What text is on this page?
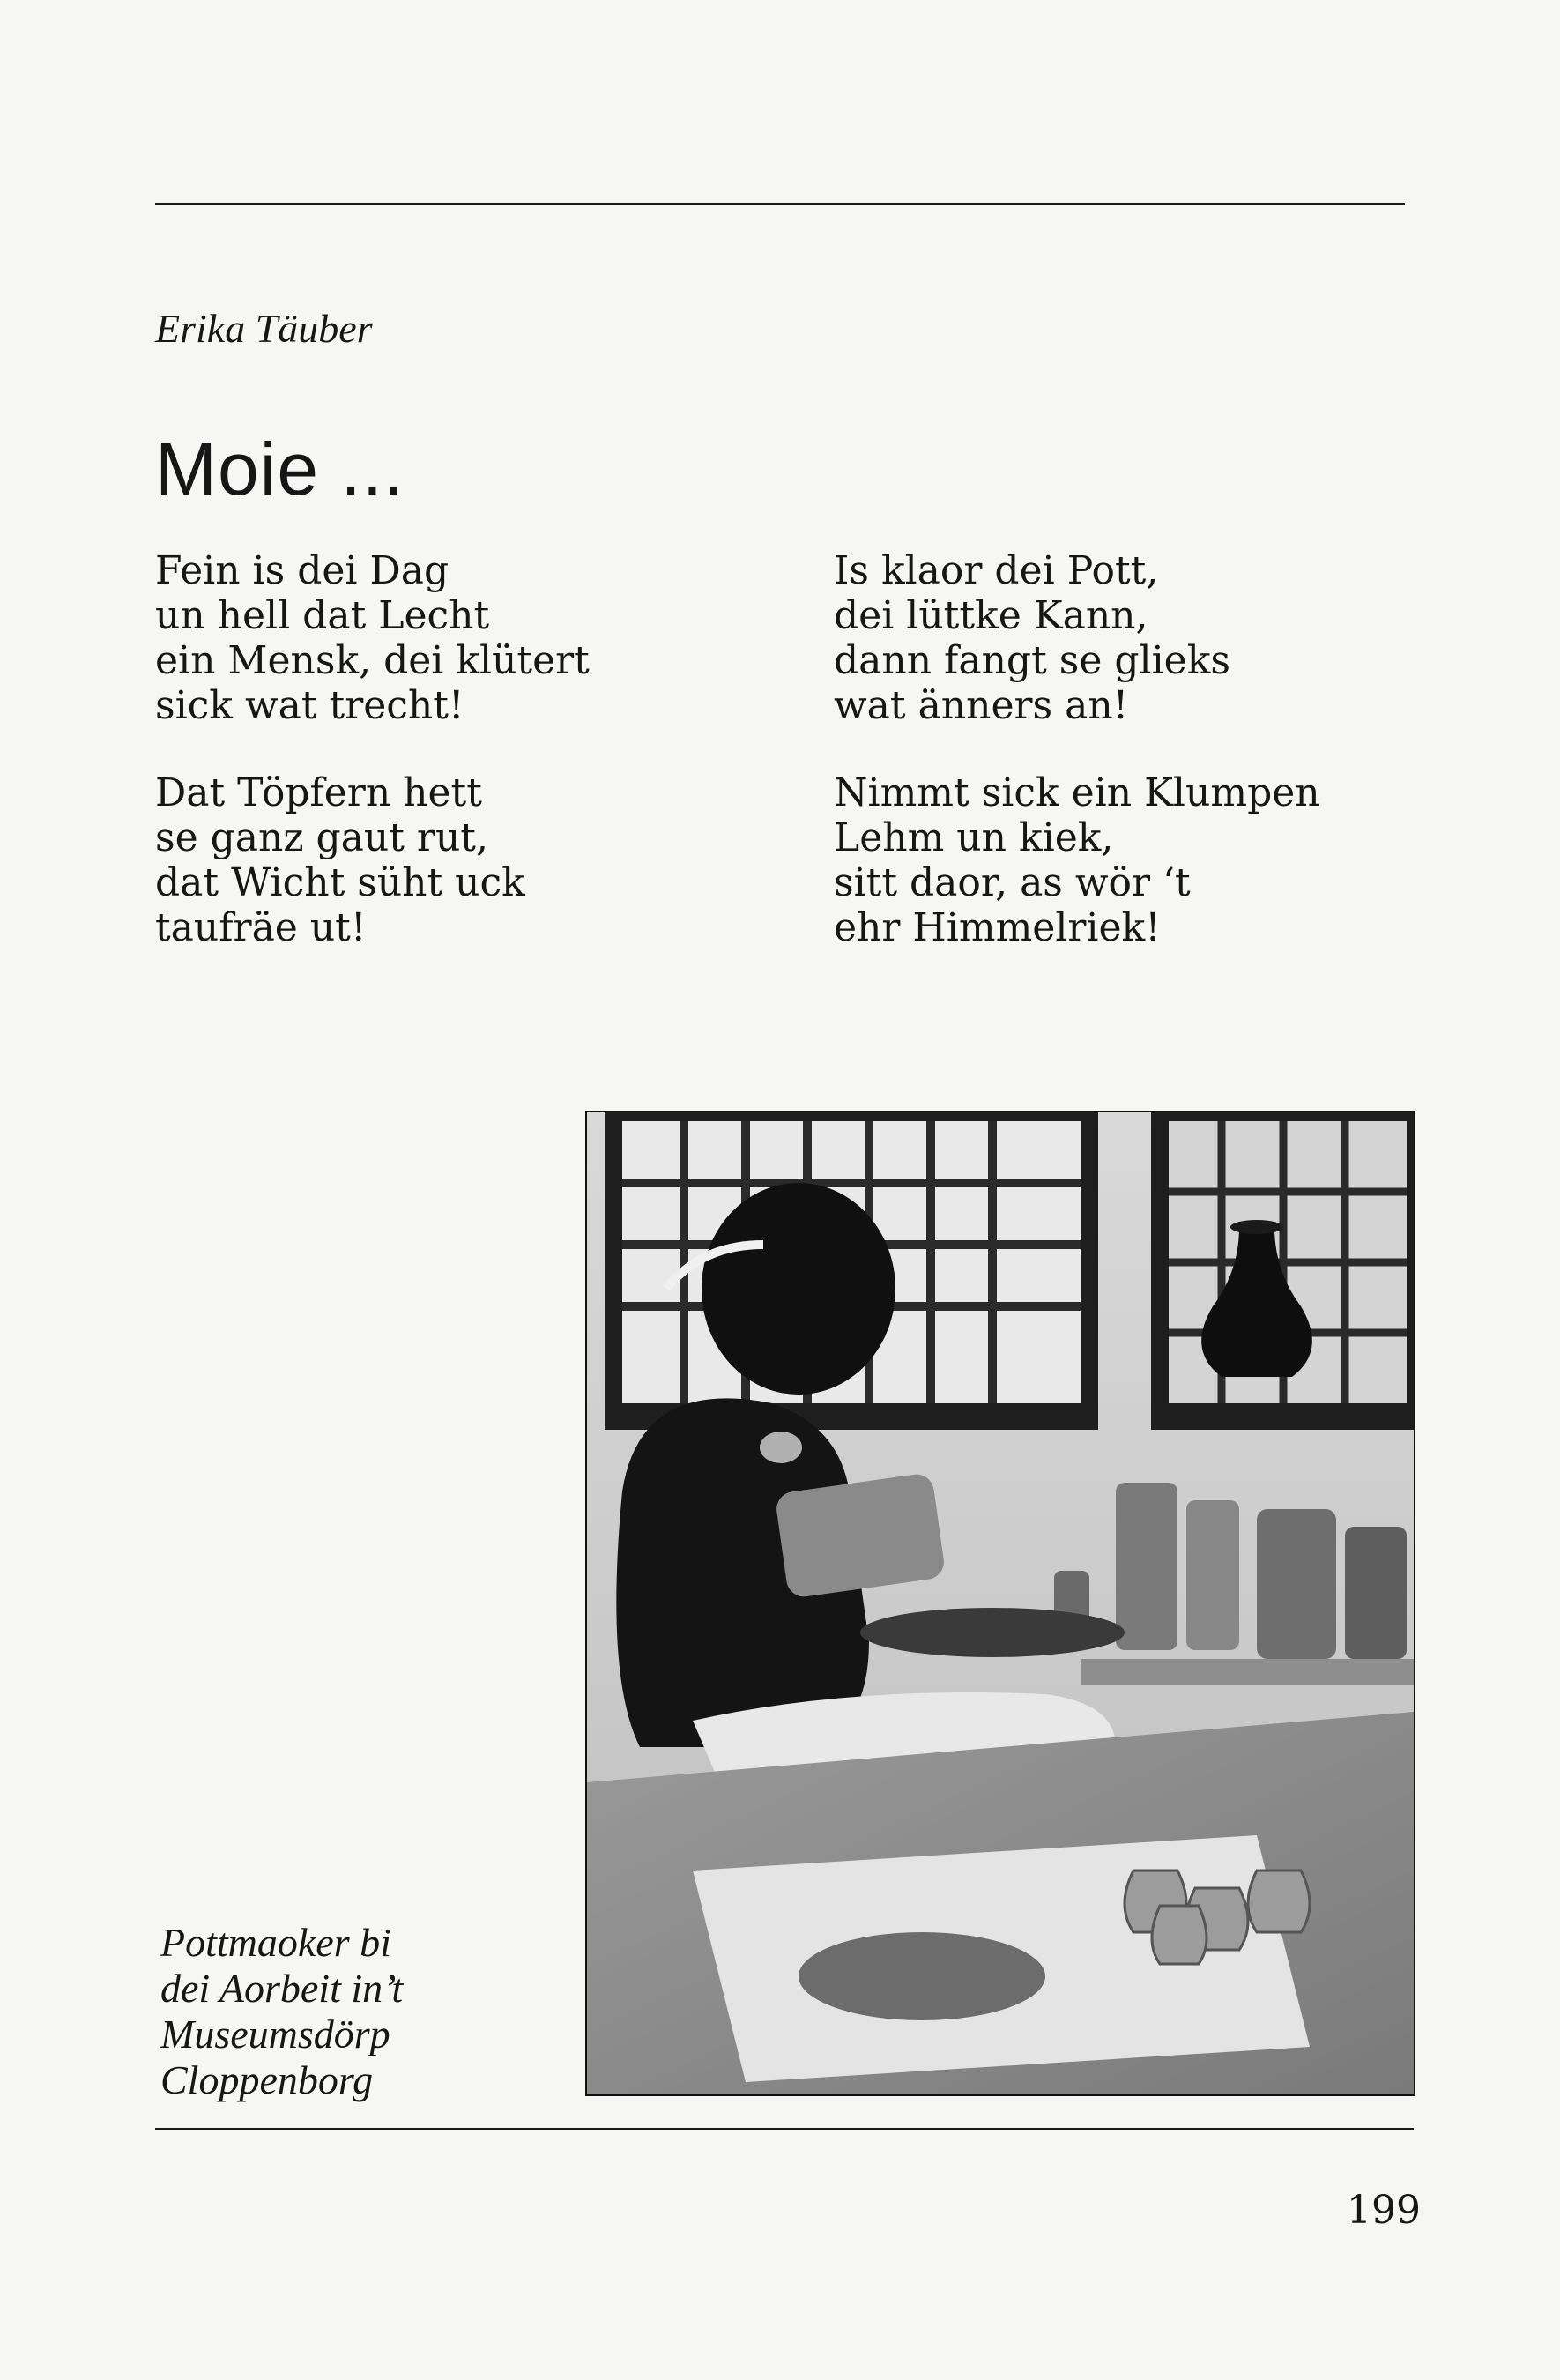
Erika Täuber
Moie ...
Fein is dei Dag
un hell dat Lecht
ein Mensk, dei klütert
sick wat trecht!
Dat Töpfern hett
se ganz gaut rut,
dat Wicht süht uck
taufräe ut!
Is klaor dei Pott,
dei lüttke Kann,
dann fangt se glieks
wat änners an!
Nimmt sick ein Klumpen
Lehm un kiek,
sitt daor, as wör ‘t
ehr Himmelriek!
Pottmaoker bi
dei Aorbeit in’t
Museumsdörp
Cloppenborg
199
